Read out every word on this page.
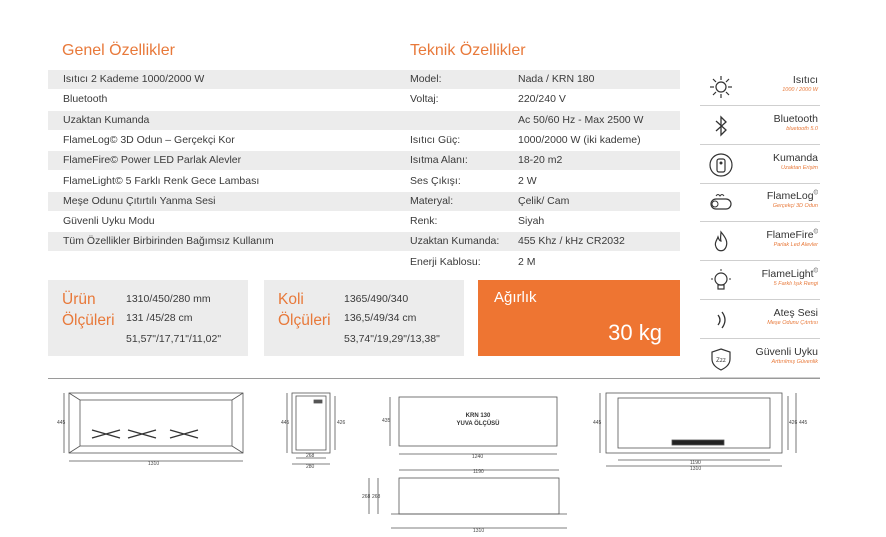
Genel Özellikler	Teknik Özellikler
Isıtıcı 2 Kademe 1000/2000 W	Model:	Nada / KRN 180
Bluetooth	Voltaj:	220/240 V
Uzaktan Kumanda	Ac 50/60 Hz - Max 2500 W
FlameLog© 3D Odun – Gerçekçi Kor	Isıtıcı Güç:	1000/2000 W (iki kademe)
FlameFire© Power LED Parlak Alevler	Isıtma Alanı:	18-20 m2
FlameLight© 5 Farklı Renk Gece Lambası	Ses Çıkışı:	2 W
Meşe Odunu Çıtırtılı Yanma Sesi	Materyal:	Çelik/ Cam
Güvenli Uyku Modu	Renk:	Siyah
Tüm Özellikler Birbirinden Bağımsız Kullanım	Uzaktan Kumanda: 455 Khz / kHz CR2032
Enerji Kablosu:	2 M
Ürün
Ölçüleri
1310/450/280 mm
131 /45/28 cm
51,57"/17,71"/11,02"
Koli
Ölçüleri
1365/490/340
136,5/49/34 cm
53,74"/19,29"/13,38"
Ağırlık
30 kg
Isıtıcı
1000 / 2000 W
Bluetooth
bluetooth 5.0
Kumanda
Uzaktan Erişim
FlameLog©
Gerçekçi 3D Odun
FlameFire©
Parlak Led Alevler
FlameLight©
5 Farklı Işık Rengi
Ateş Sesi
Meşe Odunu Çıtırtısı
Zzz
Güvenli Uyku
Arttırılmış Güvenlik
445
1310
445	426
268
280
435
1240
268 268
1190
1310
445	426 445
1190
1310
KRN 130
YUVA ÖLÇÜSÜ
